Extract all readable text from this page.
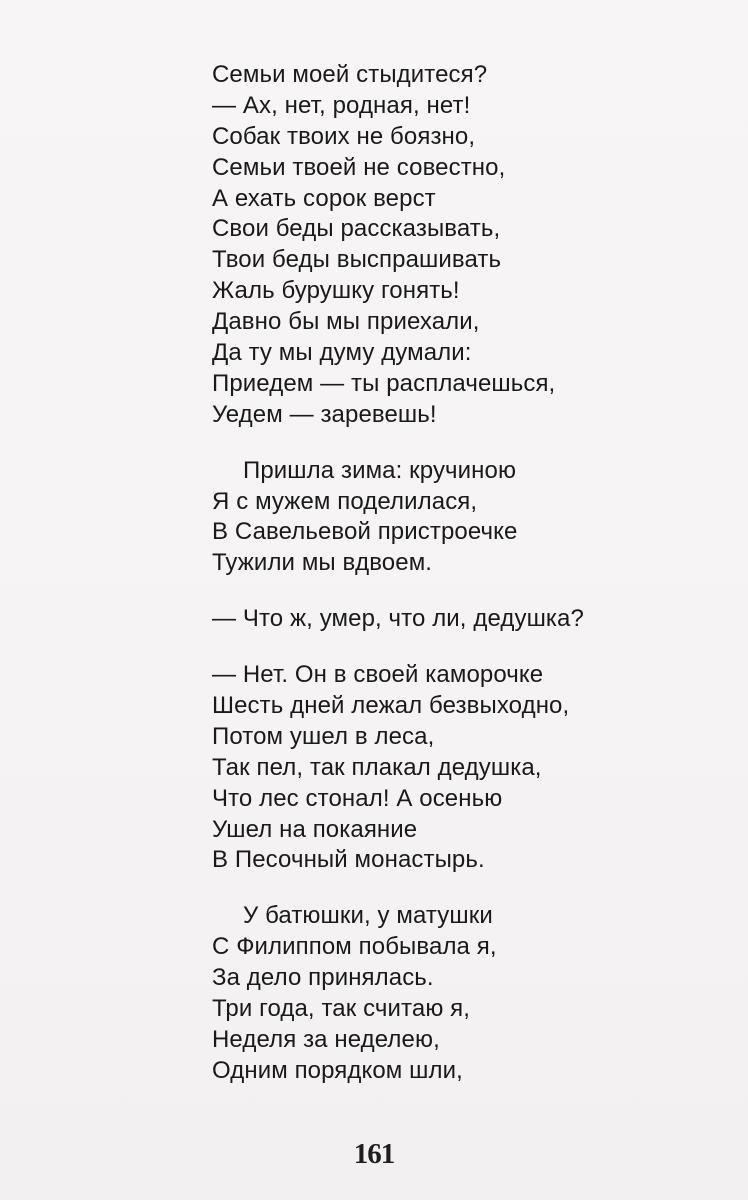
Семьи моей стыдитеся?
— Ах, нет, родная, нет!
Собак твоих не боязно,
Семьи твоей не совестно,
А ехать сорок верст
Свои беды рассказывать,
Твои беды выспрашивать
Жаль бурушку гонять!
Давно бы мы приехали,
Да ту мы думу думали:
Приедем — ты расплачешься,
Уедем — заревешь!
Пришла зима: кручиною
Я с мужем поделилася,
В Савельевой пристроечке
Тужили мы вдвоем.
— Что ж, умер, что ли, дедушка?
— Нет. Он в своей каморочке
Шесть дней лежал безвыходно,
Потом ушел в леса,
Так пел, так плакал дедушка,
Что лес стонал! А осенью
Ушел на покаяние
В Песочный монастырь.
У батюшки, у матушки
С Филиппом побывала я,
За дело принялась.
Три года, так считаю я,
Неделя за неделею,
Одним порядком шли,
161
